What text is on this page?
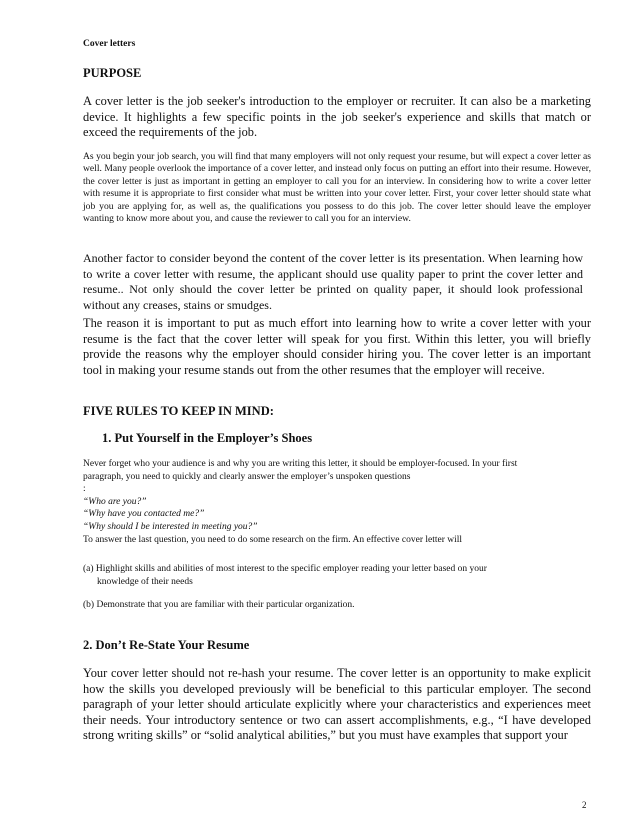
Cover letters
PURPOSE

A cover letter is the job seeker's introduction to the employer or recruiter. It can also be a marketing device. It highlights a few specific points in the job seeker's experience and skills that match or exceed the requirements of the job.

As you begin your job search, you will find that many employers will not only request your resume, but will expect a cover letter as well. Many people overlook the importance of a cover letter, and instead only focus on putting an effort into their resume. However, the cover letter is just as important in getting an employer to call you for an interview. In considering how to write a cover letter with resume it is appropriate to first consider what must be written into your cover letter. First, your cover letter should state what job you are applying for, as well as, the qualifications you possess to do this job. The cover letter should leave the employer wanting to know more about you, and cause the reviewer to call you for an interview.

Another factor to consider beyond the content of the cover letter is its presentation. When learning how to write a cover letter with resume, the applicant should use quality paper to print the cover letter and resume.. Not only should the cover letter be printed on quality paper, it should look professional without any creases, stains or smudges.

The reason it is important to put as much effort into learning how to write a cover letter with your resume is the fact that the cover letter will speak for you first. Within this letter, you will briefly provide the reasons why the employer should consider hiring you. The cover letter is an important tool in making your resume stands out from the other resumes that the employer will receive.

FIVE RULES TO KEEP IN MIND:
1. Put Yourself in the Employer’s Shoes
Never forget who your audience is and why you are writing this letter, it should be employer-focused. In your first
paragraph, you need to quickly and clearly answer the employer’s unspoken questions
:
“Who are you?”
“Why have you contacted me?”
“Why should I be interested in meeting you?”
To answer the last question, you need to do some research on the firm. An effective cover letter will
(a) Highlight skills and abilities of most interest to the specific employer reading your letter based on your
knowledge of their needs
(b) Demonstrate that you are familiar with their particular organization.
2. Don’t Re-State Your Resume

Your cover letter should not re-hash your resume. The cover letter is an opportunity to make explicit how the skills you developed previously will be beneficial to this particular employer. The second paragraph of your letter should articulate explicitly where your characteristics and experiences meet their needs. Your introductory sentence or two can assert accomplishments, e.g., “I have developed strong writing skills” or “solid analytical abilities,” but you must have examples that support your

2
